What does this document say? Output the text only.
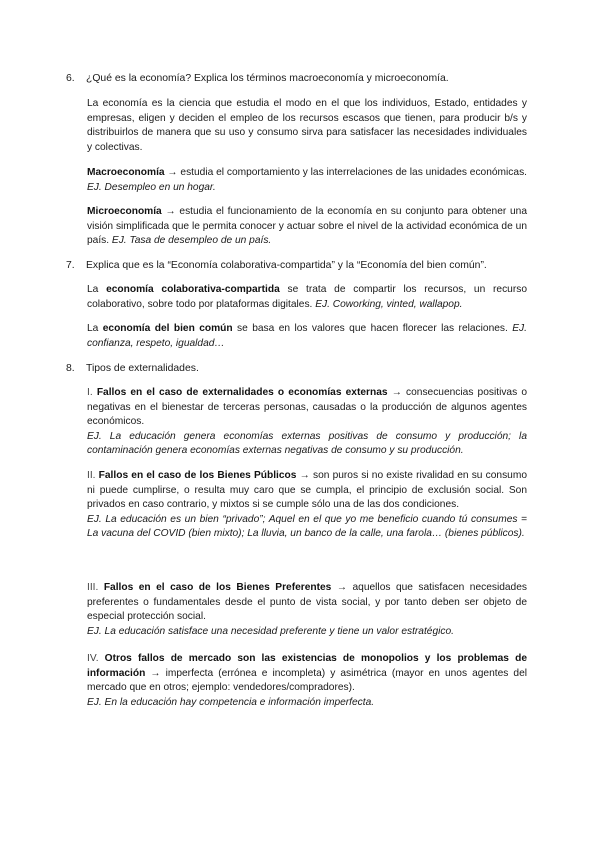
6. ¿Qué es la economía? Explica los términos macroeconomía y microeconomía.
La economía es la ciencia que estudia el modo en el que los individuos, Estado, entidades y empresas, eligen y deciden el empleo de los recursos escasos que tienen, para producir b/s y distribuirlos de manera que su uso y consumo sirva para satisfacer las necesidades individuales y colectivas.
Macroeconomía → estudia el comportamiento y las interrelaciones de las unidades económicas. EJ. Desempleo en un hogar.
Microeconomía → estudia el funcionamiento de la economía en su conjunto para obtener una visión simplificada que le permita conocer y actuar sobre el nivel de la actividad económica de un país. EJ. Tasa de desempleo de un país.
7. Explica que es la “Economía colaborativa-compartida” y la “Economía del bien común”.
La economía colaborativa-compartida se trata de compartir los recursos, un recurso colaborativo, sobre todo por plataformas digitales. EJ. Coworking, vinted, wallapop.
La economía del bien común se basa en los valores que hacen florecer las relaciones. EJ. confianza, respeto, igualdad…
8. Tipos de externalidades.
I. Fallos en el caso de externalidades o economías externas → consecuencias positivas o negativas en el bienestar de terceras personas, causadas o la producción de algunos agentes económicos.
EJ. La educación genera economías externas positivas de consumo y producción; la contaminación genera economías externas negativas de consumo y su producción.
II. Fallos en el caso de los Bienes Públicos → son puros si no existe rivalidad en su consumo ni puede cumplirse, o resulta muy caro que se cumpla, el principio de exclusión social. Son privados en caso contrario, y mixtos si se cumple sólo una de las dos condiciones.
EJ. La educación es un bien “privado”; Aquel en el que yo me beneficio cuando tú consumes = La vacuna del COVID (bien mixto); La lluvia, un banco de la calle, una farola… (bienes públicos).
III. Fallos en el caso de los Bienes Preferentes → aquellos que satisfacen necesidades preferentes o fundamentales desde el punto de vista social, y por tanto deben ser objeto de especial protección social.
EJ. La educación satisface una necesidad preferente y tiene un valor estratégico.
IV. Otros fallos de mercado son las existencias de monopolios y los problemas de información → imperfecta (errónea e incompleta) y asimétrica (mayor en unos agentes del mercado que en otros; ejemplo: vendedores/compradores).
EJ. En la educación hay competencia e información imperfecta.
